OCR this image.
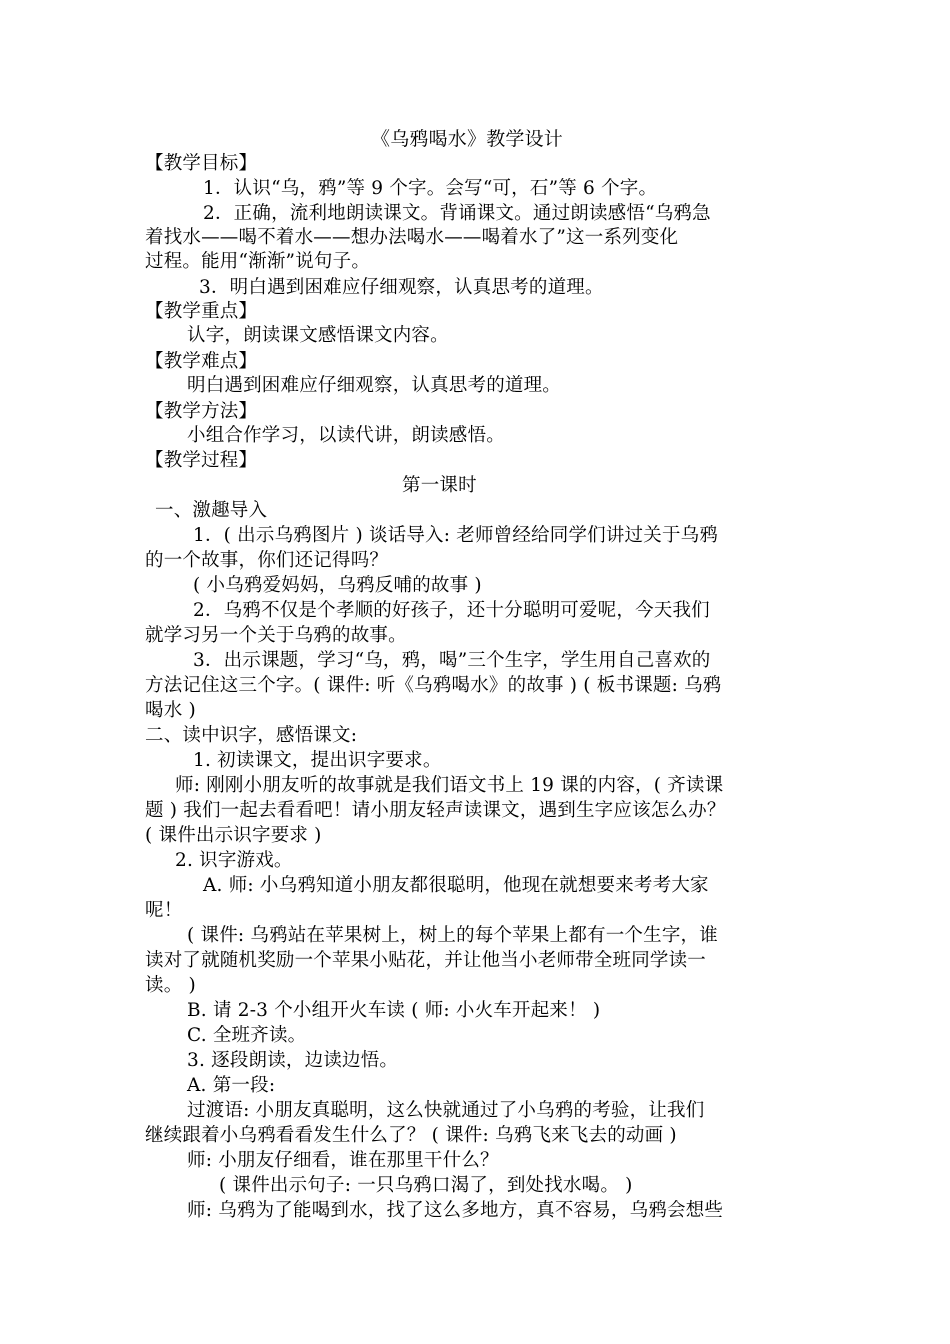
《乌鸦喝水》教学设计
【教学目标】
1．认识“乌，鸦”等 9 个字。会写“可，石”等 6 个字。
2．正确，流利地朗读课文。背诵课文。通过朗读感悟“乌鸦急
着找水——喝不着水——想办法喝水——喝着水了”这一系列变化
过程。能用“渐渐”说句子。
3．明白遇到困难应仔细观察，认真思考的道理。
【教学重点】
认字，朗读课文感悟课文内容。
【教学难点】
明白遇到困难应仔细观察，认真思考的道理。
【教学方法】
小组合作学习，以读代讲，朗读感悟。
【教学过程】
第一课时
一、激趣导入
1．( 出示乌鸦图片 ) 谈话导入: 老师曾经给同学们讲过关于乌鸦
的一个故事，你们还记得吗？
( 小乌鸦爱妈妈，乌鸦反哺的故事 )
2．乌鸦不仅是个孝顺的好孩子，还十分聪明可爱呢，今天我们
就学习另一个关于乌鸦的故事。
3．出示课题，学习“乌，鸦，喝”三个生字，学生用自己喜欢的
方法记住这三个字。( 课件: 听《乌鸦喝水》的故事 ) ( 板书课题: 乌鸦
喝水 )
二、读中识字，感悟课文:
1. 初读课文，提出识字要求。
师: 刚刚小朋友听的故事就是我们语文书上 19 课的内容，( 齐读课
题 ) 我们一起去看看吧！请小朋友轻声读课文，遇到生字应该怎么办？
( 课件出示识字要求 )
2. 识字游戏。
A. 师: 小乌鸦知道小朋友都很聪明，他现在就想要来考考大家
呢！
( 课件: 乌鸦站在苹果树上，树上的每个苹果上都有一个生字，谁
读对了就随机奖励一个苹果小贴花，并让他当小老师带全班同学读一
读。 )
B. 请 2-3 个小组开火车读 ( 师: 小火车开起来！ )
C. 全班齐读。
3. 逐段朗读，边读边悟。
A. 第一段:
过渡语: 小朋友真聪明，这么快就通过了小乌鸦的考验，让我们
继续跟着小乌鸦看看发生什么了？ ( 课件: 乌鸦飞来飞去的动画 )
师: 小朋友仔细看，谁在那里干什么？
( 课件出示句子: 一只乌鸦口渴了，到处找水喝。 )
师: 乌鸦为了能喝到水，找了这么多地方，真不容易，乌鸦会想些
